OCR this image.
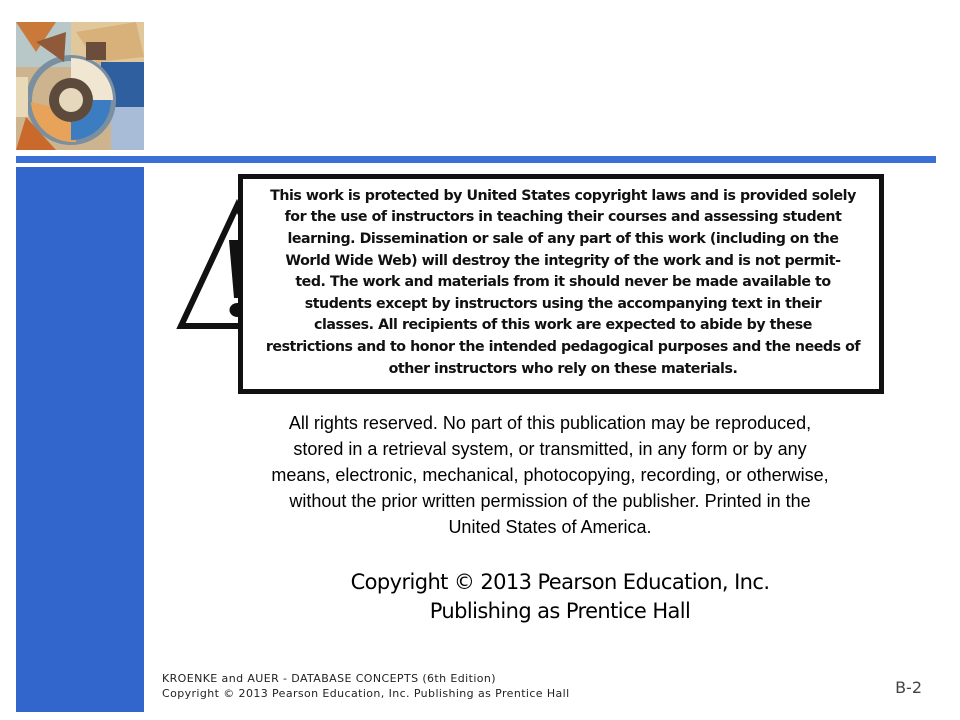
This work is protected by United States copyright laws and is provided solely
for the use of instructors in teaching their courses and assessing student
learning. Dissemination or sale of any part of this work (including on the
World Wide Web) will destroy the integrity of the work and is not permit-
ted. The work and materials from it should never be made available to
students except by instructors using the accompanying text in their
classes. All recipients of this work are expected to abide by these
restrictions and to honor the intended pedagogical purposes and the needs of
other instructors who rely on these materials.

All rights reserved. No part of this publication may be reproduced,
stored in a retrieval system, or transmitted, in any form or by any
means, electronic, mechanical, photocopying, recording, or otherwise,
without the prior written permission of the publisher. Printed in the
United States of America.

Copyright © 2013 Pearson Education, Inc.
Publishing as Prentice Hall
KROENKE and AUER - DATABASE CONCEPTS (6th Edition)
Copyright © 2013 Pearson Education, Inc. Publishing as Prentice Hall	B-2
